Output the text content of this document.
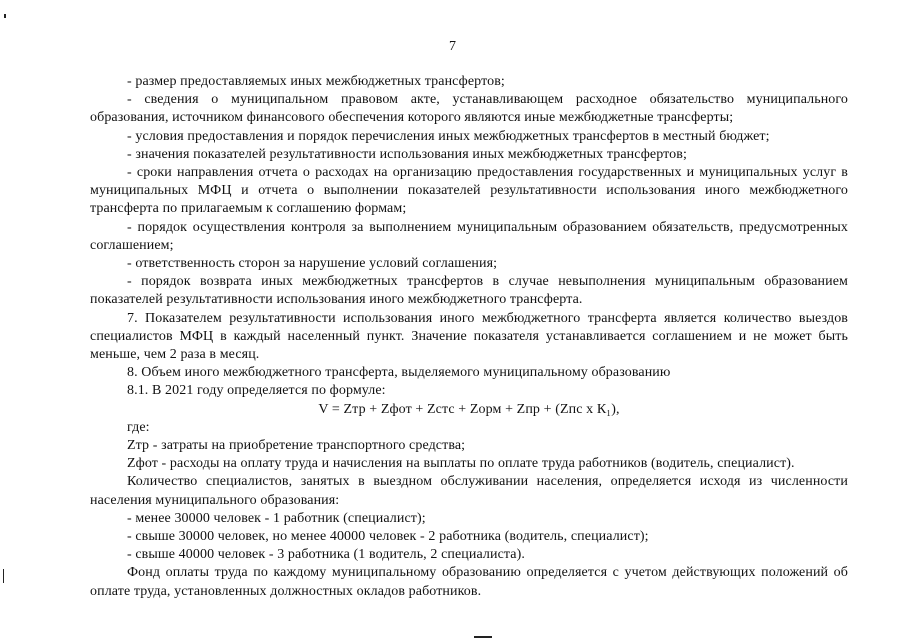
7

- размер предоставляемых иных межбюджетных трансфертов;

- сведения о муниципальном правовом акте, устанавливающем расходное обязательство муниципального образования, источником финансового обеспечения которого являются иные межбюджетные трансферты;

- условия предоставления и порядок перечисления иных межбюджетных трансфертов в местный бюджет;

- значения показателей результативности использования иных межбюджетных трансфертов;

- сроки направления отчета о расходах на организацию предоставления государственных и муниципальных услуг в муниципальных МФЦ и отчета о выполнении показателей результативности использования иного межбюджетного трансферта по прилагаемым к соглашению формам;

- порядок осуществления контроля за выполнением муниципальным образованием обязательств, предусмотренных соглашением;

- ответственность сторон за нарушение условий соглашения;

- порядок возврата иных межбюджетных трансфертов в случае невыполнения муниципальным образованием показателей результативности использования иного межбюджетного трансферта.

7. Показателем результативности использования иного межбюджетного трансферта является количество выездов специалистов МФЦ в каждый населенный пункт. Значение показателя устанавливается соглашением и не может быть меньше, чем 2 раза в месяц.

8. Объем иного межбюджетного трансферта, выделяемого муниципальному образованию

8.1. В 2021 году определяется по формуле:

V = Zтр + Zфот + Zстс + Zорм + Zпр + (Zпс х К₁),

где:

Zтр - затраты на приобретение транспортного средства;

Zфот - расходы на оплату труда и начисления на выплаты по оплате труда работников (водитель, специалист).

Количество специалистов, занятых в выездном обслуживании населения, определяется исходя из численности населения муниципального образования:

- менее 30000 человек - 1 работник (специалист);

- свыше 30000 человек, но менее 40000 человек - 2 работника (водитель, специалист);

- свыше 40000 человек - 3 работника (1 водитель, 2 специалиста).

Фонд оплаты труда по каждому муниципальному образованию определяется с учетом действующих положений об оплате труда, установленных должностных окладов работников.
